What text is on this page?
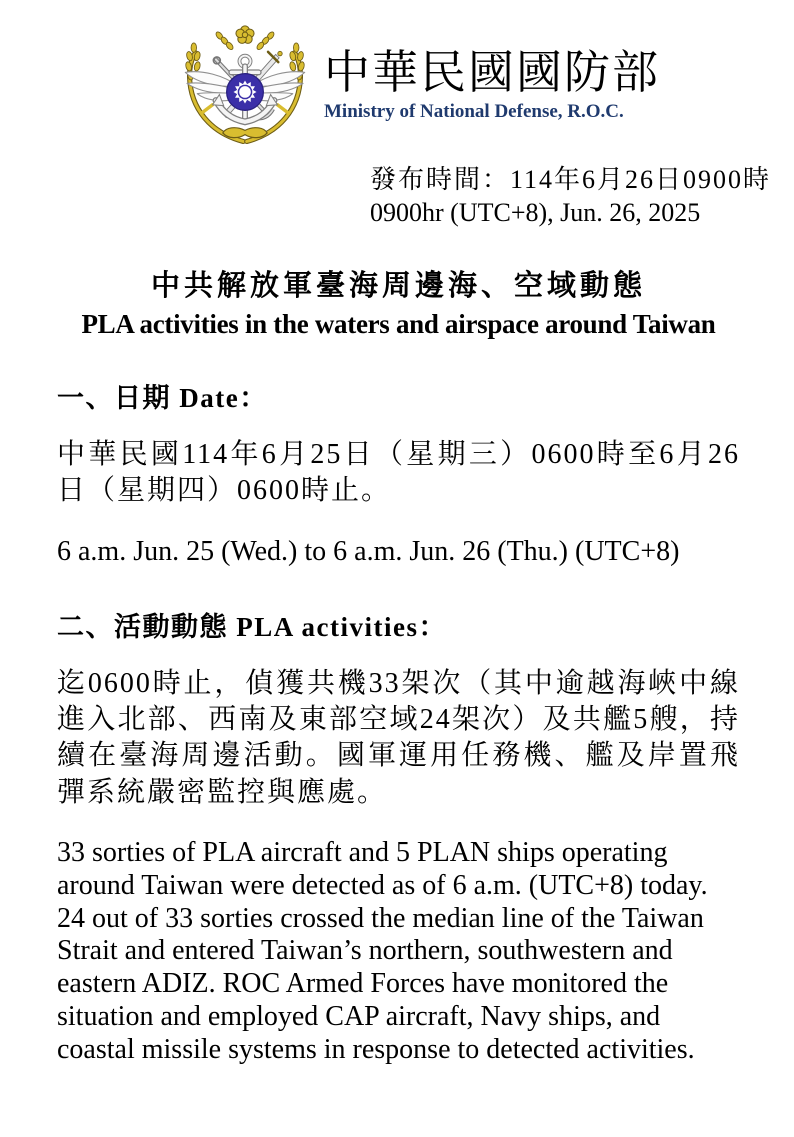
中華民國國防部
Ministry of National Defense, R.O.C.
發布時間：114年6月26日0900時
0900hr (UTC+8), Jun. 26, 2025
中共解放軍臺海周邊海、空域動態
PLA activities in the waters and airspace around Taiwan
一、日期 Date：

中華民國114年6月25日（星期三）0600時至6月26日（星期四）0600時止。

6 a.m. Jun. 25 (Wed.) to 6 a.m. Jun. 26 (Thu.) (UTC+8)

二、活動動態 PLA activities：

迄0600時止，偵獲共機33架次（其中逾越海峽中線進入北部、西南及東部空域24架次）及共艦5艘，持續在臺海周邊活動。國軍運用任務機、艦及岸置飛彈系統嚴密監控與應處。

33 sorties of PLA aircraft and 5 PLAN ships operating around Taiwan were detected as of 6 a.m. (UTC+8) today. 24 out of 33 sorties crossed the median line of the Taiwan Strait and entered Taiwan’s northern, southwestern and eastern ADIZ. ROC Armed Forces have monitored the situation and employed CAP aircraft, Navy ships, and coastal missile systems in response to detected activities.
